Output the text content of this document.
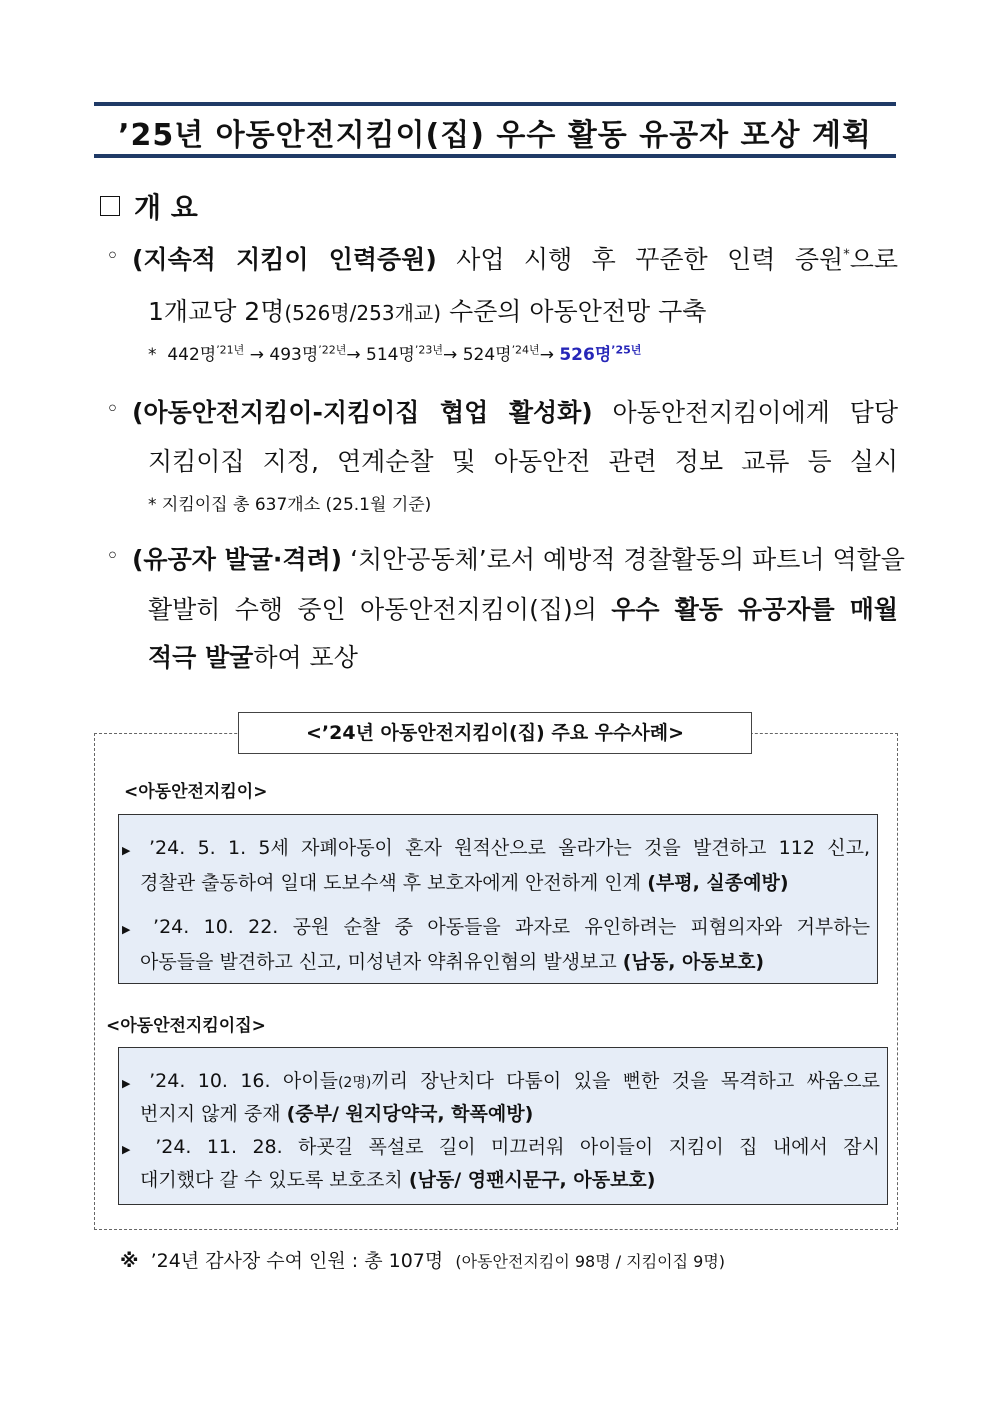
’25년 아동안전지킴이(집) 우수 활동 유공자 포상 계획
개 요
◦ (지속적 지킴이 인력증원) 사업 시행 후 꾸준한 인력 증원*으로
1개교당 2명(526명/253개교) 수준의 아동안전망 구축
* 442명$^{’21년}$ → 493명$^{’22년}$→ 514명$^{’23년}$→ 524명$^{’24년}$→ 526명$^{’25년}$
◦ (아동안전지킴이-지킴이집 협업 활성화) 아동안전지킴이에게 담당
지킴이집 지정, 연계순찰 및 아동안전 관련 정보 교류 등 실시
* 지킴이집 총 637개소 (25.1월 기준)
◦ (유공자 발굴·격려) ‘치안공동체’로서 예방적 경찰활동의 파트너 역할을
활발히 수행 중인 아동안전지킴이(집)의 우수 활동 유공자를 매월
적극 발굴하여 포상
<’24년 아동안전지킴이(집) 주요 우수사례>
<아동안전지킴이>
▶ ’24. 5. 1. 5세 자폐아동이 혼자 원적산으로 올라가는 것을 발견하고 112 신고,
경찰관 출동하여 일대 도보수색 후 보호자에게 안전하게 인계 (부평, 실종예방)
▶ ’24. 10. 22. 공원 순찰 중 아동들을 과자로 유인하려는 피혐의자와 거부하는
아동들을 발견하고 신고, 미성년자 약취유인혐의 발생보고 (남동, 아동보호)
<아동안전지킴이집>
▶ ’24. 10. 16. 아이들(2명)끼리 장난치다 다툼이 있을 뻔한 것을 목격하고 싸움으로
번지지 않게 중재 (중부/ 원지당약국, 학폭예방)
▶ ’24. 11. 28. 하굣길 폭설로 길이 미끄러워 아이들이 지킴이 집 내에서 잠시
대기했다 갈 수 있도록 보호조치 (남동/ 영팬시문구, 아동보호)
※ ’24년 감사장 수여 인원 : 총 107명 (아동안전지킴이 98명 / 지킴이집 9명)
